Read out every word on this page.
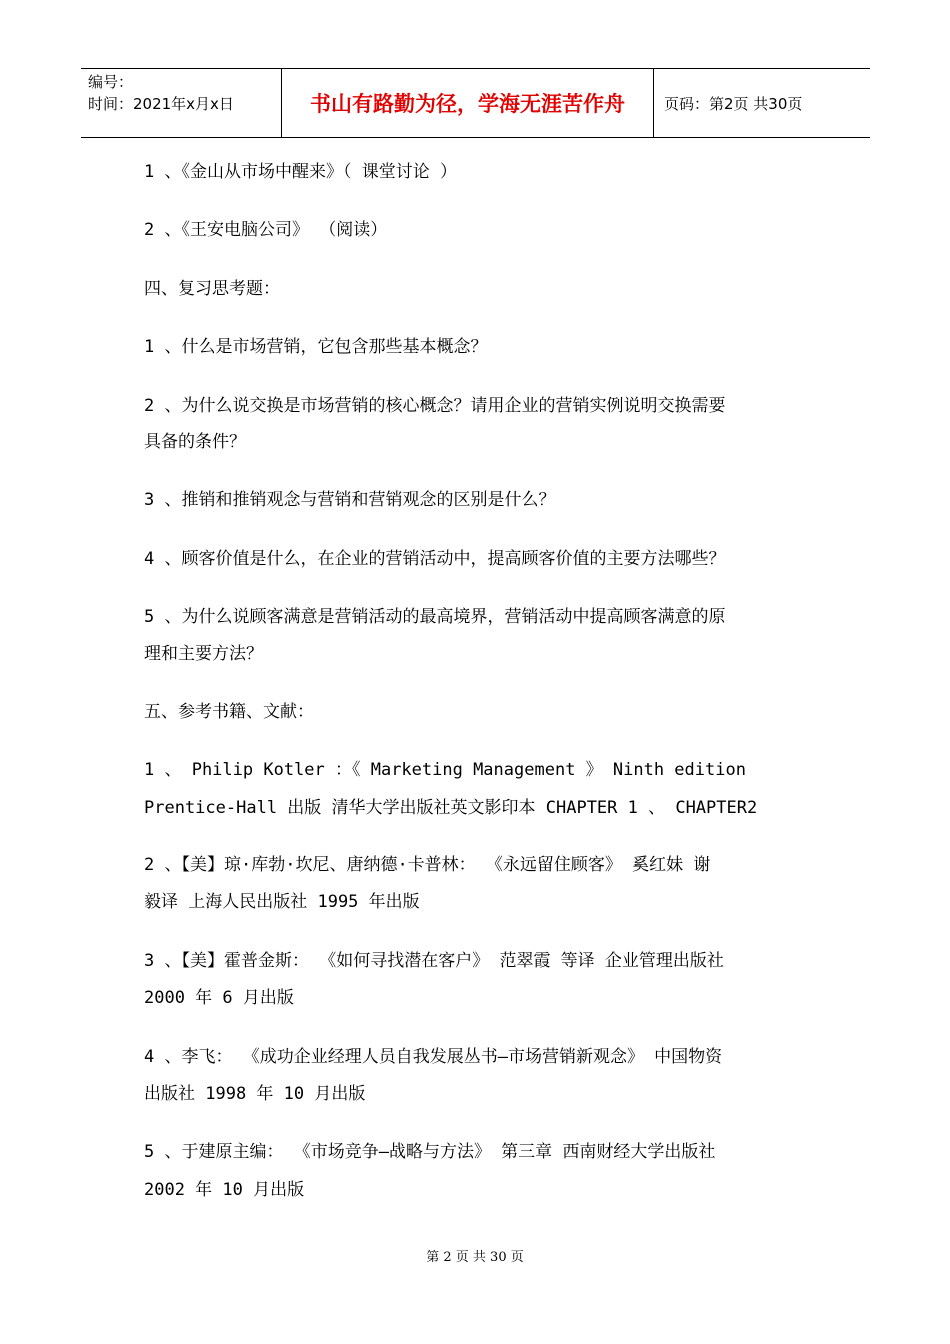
编号：
时间：2021年x月x日	书山有路勤为径，学海无涯苦作舟	页码：第2页 共30页
1 、《金山从市场中醒来》（ 课堂讨论 ）
2 、《王安电脑公司》 （阅读）
四、复习思考题：
1 、什么是市场营销，它包含那些基本概念？
2 、为什么说交换是市场营销的核心概念？请用企业的营销实例说明交换需要
具备的条件？
3 、推销和推销观念与营销和营销观念的区别是什么？
4 、顾客价值是什么，在企业的营销活动中，提高顾客价值的主要方法哪些？
5 、为什么说顾客满意是营销活动的最高境界，营销活动中提高顾客满意的原
理和主要方法？
五、参考书籍、文献：
1 、 Philip Kotler ：《 Marketing Management 》 Ninth edition
Prentice-Hall 出版 清华大学出版社英文影印本 CHAPTER 1 、 CHAPTER2
2 、【美】琼·库勃·坎尼、唐纳德·卡普林： 《永远留住顾客》 奚红妹 谢
毅译 上海人民出版社 1995 年出版
3 、【美】霍普金斯： 《如何寻找潜在客户》 范翠霞 等译 企业管理出版社
2000 年 6 月出版
4 、李飞： 《成功企业经理人员自我发展丛书—市场营销新观念》 中国物资
出版社 1998 年 10 月出版
5 、于建原主编： 《市场竞争—战略与方法》 第三章 西南财经大学出版社
2002 年 10 月出版
第 2 页 共 30 页
